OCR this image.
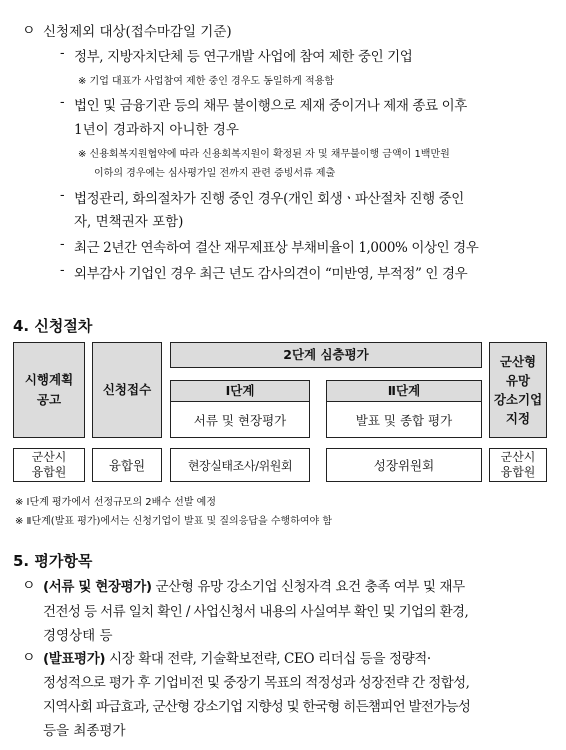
ㅇ 신청제외 대상(접수마감일 기준)
- 정부, 지방자치단체 등 연구개발 사업에 참여 제한 중인 기업
※ 기업 대표가 사업참여 제한 중인 경우도 동일하게 적용함
- 법인 및 금융기관 등의 채무 불이행으로 제재 중이거나 제재 종료 이후
1년이 경과하지 아니한 경우
※ 신용회복지원협약에 따라 신용회복지원이 확정된 자 및 채무불이행 금액이 1백만원
이하의 경우에는 심사평가일 전까지 관련 증빙서류 제출
- 법정관리, 화의절차가 진행 중인 경우(개인 회생ㆍ파산절차 진행 중인
자, 면책권자 포함)
- 최근 2년간 연속하여 결산 재무제표상 부채비율이 1,000% 이상인 경우
- 외부감사 기업인 경우 최근 년도 감사의견이 “미반영, 부적정” 인 경우
4. 신청절차
시행계획
공고
신청접수
2단계 심층평가
Ⅰ단계
서류 및 현장평가
Ⅱ단계
발표 및 종합 평가
군산형
유망
강소기업
지정
군산시
융합원	융합원	현장실태조사/위원회	성장위원회
군산시
융합원
※ Ⅰ단계 평가에서 선정규모의 2배수 선발 예정
※ Ⅱ단계(발표 평가)에서는 신청기업이 발표 및 질의응답을 수행하여야 함
5. 평가항목
ㅇ (서류 및 현장평가) 군산형 유망 강소기업 신청자격 요건 충족 여부 및 재무
건전성 등 서류 일치 확인 / 사업신청서 내용의 사실여부 확인 및 기업의 환경,
경영상태 등
ㅇ (발표평가) 시장 확대 전략, 기술확보전략, CEO 리더십 등을 정량적·
정성적으로 평가 후 기업비전 및 중장기 목표의 적정성과 성장전략 간 정합성,
지역사회 파급효과, 군산형 강소기업 지향성 및 한국형 히든챔피언 발전가능성
등을 최종평가
